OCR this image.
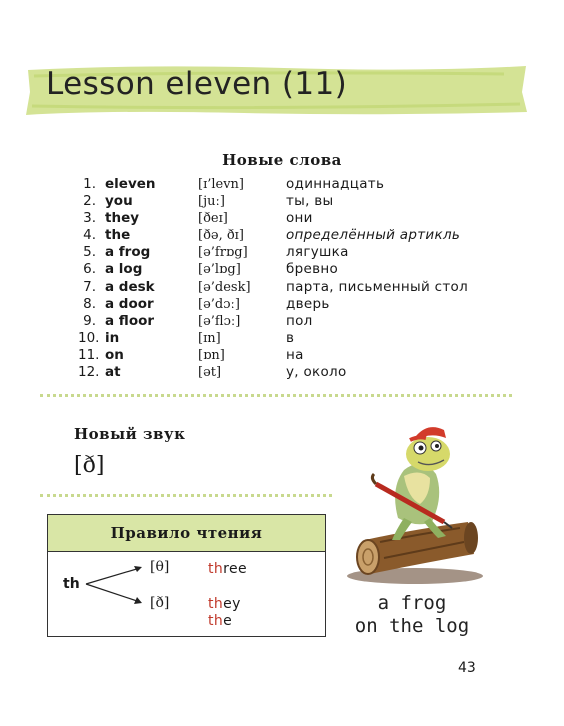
Lesson eleven (11)
Новые слова
1. eleven	[ɪ’levn]	одиннадцать
2. you	[juː]	ты, вы
3. they	[ðeɪ]	они
4. the	[ðə, ðɪ]	определённый артикль
5. a frog	[ə’frɒg]	лягушка
6. a log	[ə’lɒg]	бревно
7. a desk	[ə’desk]	парта, письменный стол
8. a door	[ə’dɔː]	дверь
9. a floor	[ə’flɔː]	пол
10. in	[ɪn]	в
11. on	[ɒn]	на
12. at	[ət]	у, около
Новый звук
[ð]
Правило чтения
th
[θ]	three
[ð]	they
the
a frog
on the log
43
